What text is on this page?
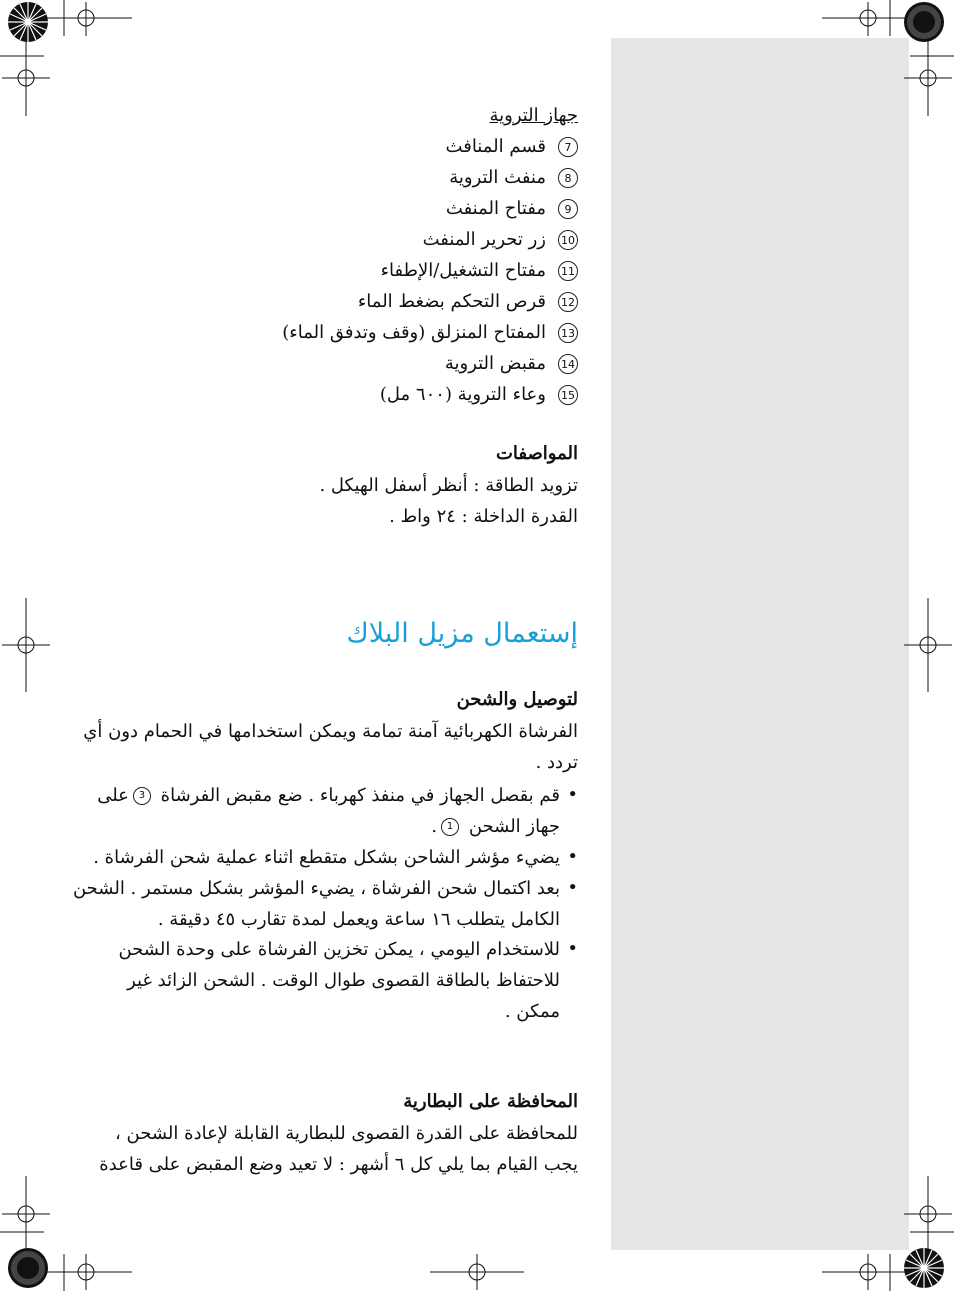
جهاز التروية
7
قسم المنافث
8
منفث التروية
9
مفتاح المنفث
10
زر تحرير المنفث
11
مفتاح التشغيل/الإطفاء
12
قرص التحكم بضغط الماء
13
المفتاح المنزلق (وقف وتدفق الماء)
14
مقبض التروية
15
وعاء التروية (٦٠٠ مل)
المواصفات
تزويد الطاقة : أنظر أسفل الهيكل .
القدرة الداخلة : ٢٤ واط .
إستعمال مزيل البلاك
لتوصيل والشحن
الفرشاة الكهربائية آمنة تمامة ويمكن استخدامها في الحمام دون أي
تردد .
•
قم بقصل الجهاز في منفذ كهرباء . ضع مقبض الفرشاة 3على
جهاز الشحن 1.
•
يضيء مؤشر الشاحن بشكل متقطع اثناء عملية شحن الفرشاة .
•
بعد اكتمال شحن الفرشاة ، يضيء المؤشر بشكل مستمر . الشحن
الكامل يتطلب ١٦ ساعة ويعمل لمدة تقارب ٤٥ دقيقة .
•
للاستخدام اليومي ، يمكن تخزين الفرشاة على وحدة الشحن
للاحتفاظ بالطاقة القصوى طوال الوقت . الشحن الزائد غير
ممكن .
المحافظة على البطارية
للمحافظة على القدرة القصوى للبطارية القابلة لإعادة الشحن ،
يجب القيام بما يلي كل ٦ أشهر : لا تعيد وضع المقبض على قاعدة
